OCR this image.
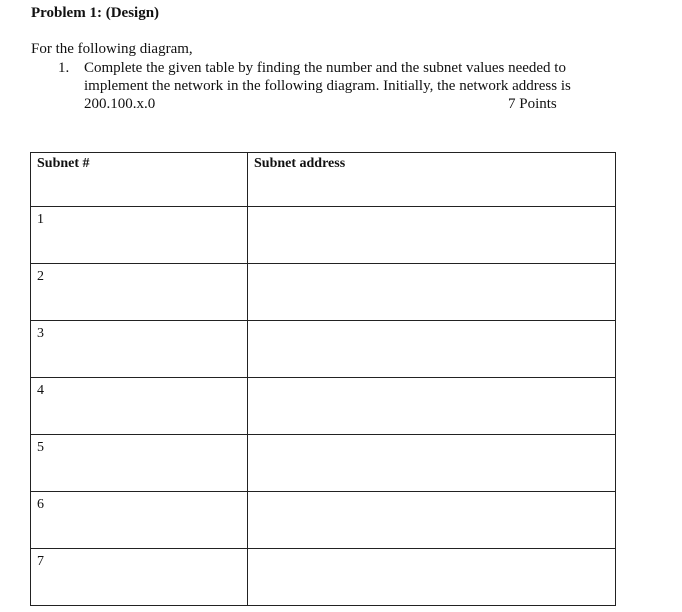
Problem 1: (Design)
For the following diagram,
1. Complete the given table by finding the number and the subnet values needed to
implement the network in the following diagram. Initially, the network address is
200.100.x.0	7 Points
Subnet #	Subnet address
1	
2	
3	
4	
5	
6	
7	
